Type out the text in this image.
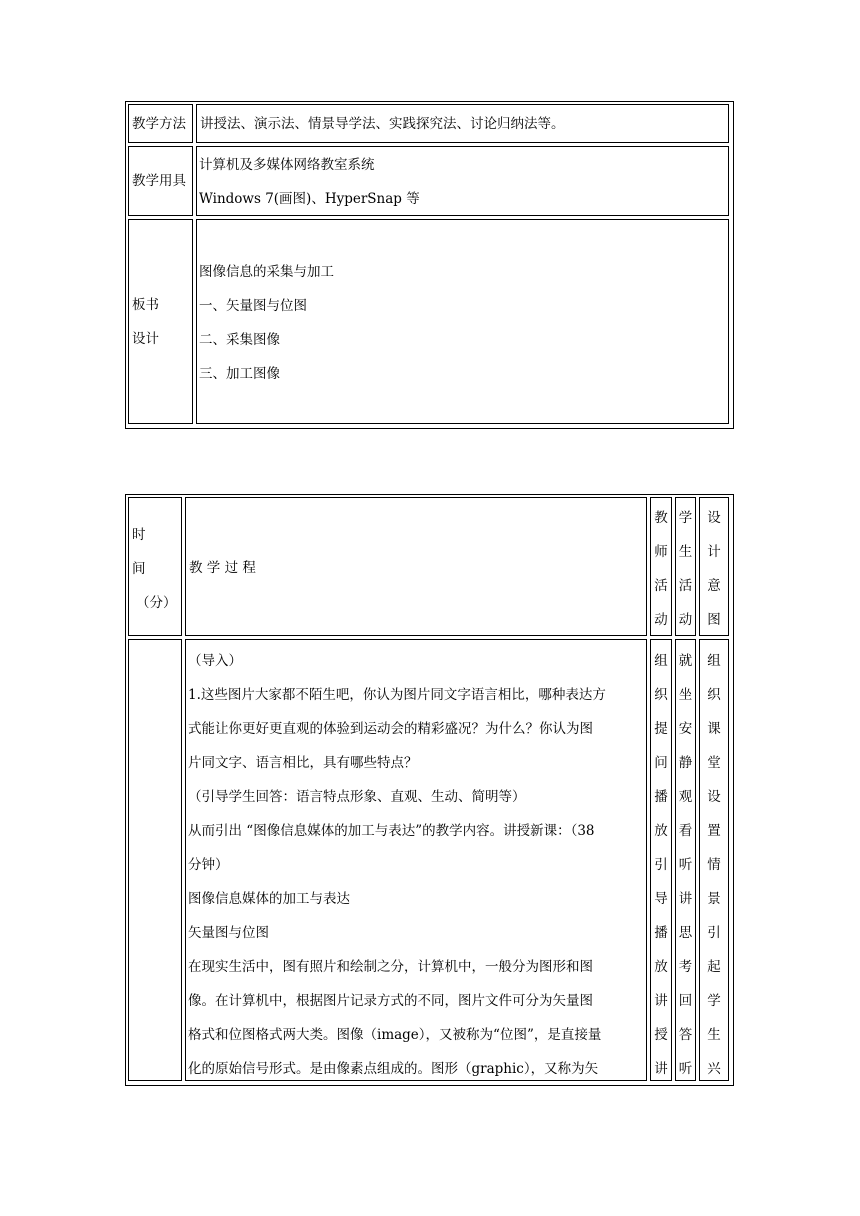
教学方法 讲授法、演示法、情景导学法、实践探究法、讨论归纳法等。
教学用具
计算机及多媒体网络教室系统
Windows 7(画图)、HyperSnap 等
板书
设计
图像信息的采集与加工
一、矢量图与位图
二、采集图像
三、加工图像
时
间
（分）
教 学 过 程
教
师
活
动
学
生
活
动
设
计
意
图
（导入）
1.这些图片大家都不陌生吧，你认为图片同文字语言相比，哪种表达方
式能让你更好更直观的体验到运动会的精彩盛况？为什么？你认为图
片同文字、语言相比，具有哪些特点？
（引导学生回答：语言特点形象、直观、生动、简明等）
从而引出 “图像信息媒体的加工与表达”的教学内容。讲授新课：（38
分钟）
图像信息媒体的加工与表达
矢量图与位图
在现实生活中，图有照片和绘制之分，计算机中，一般分为图形和图
像。在计算机中，根据图片记录方式的不同，图片文件可分为矢量图
格式和位图格式两大类。图像（image），又被称为“位图”，是直接量
化的原始信号形式。是由像素点组成的。图形（graphic），又称为矢
组
织
提
问
播
放
引
导
播
放
讲
授
讲
就
坐
安
静
观
看
听
讲
思
考
回
答
听
组
织
课
堂
设
置
情
景
引
起
学
生
兴
